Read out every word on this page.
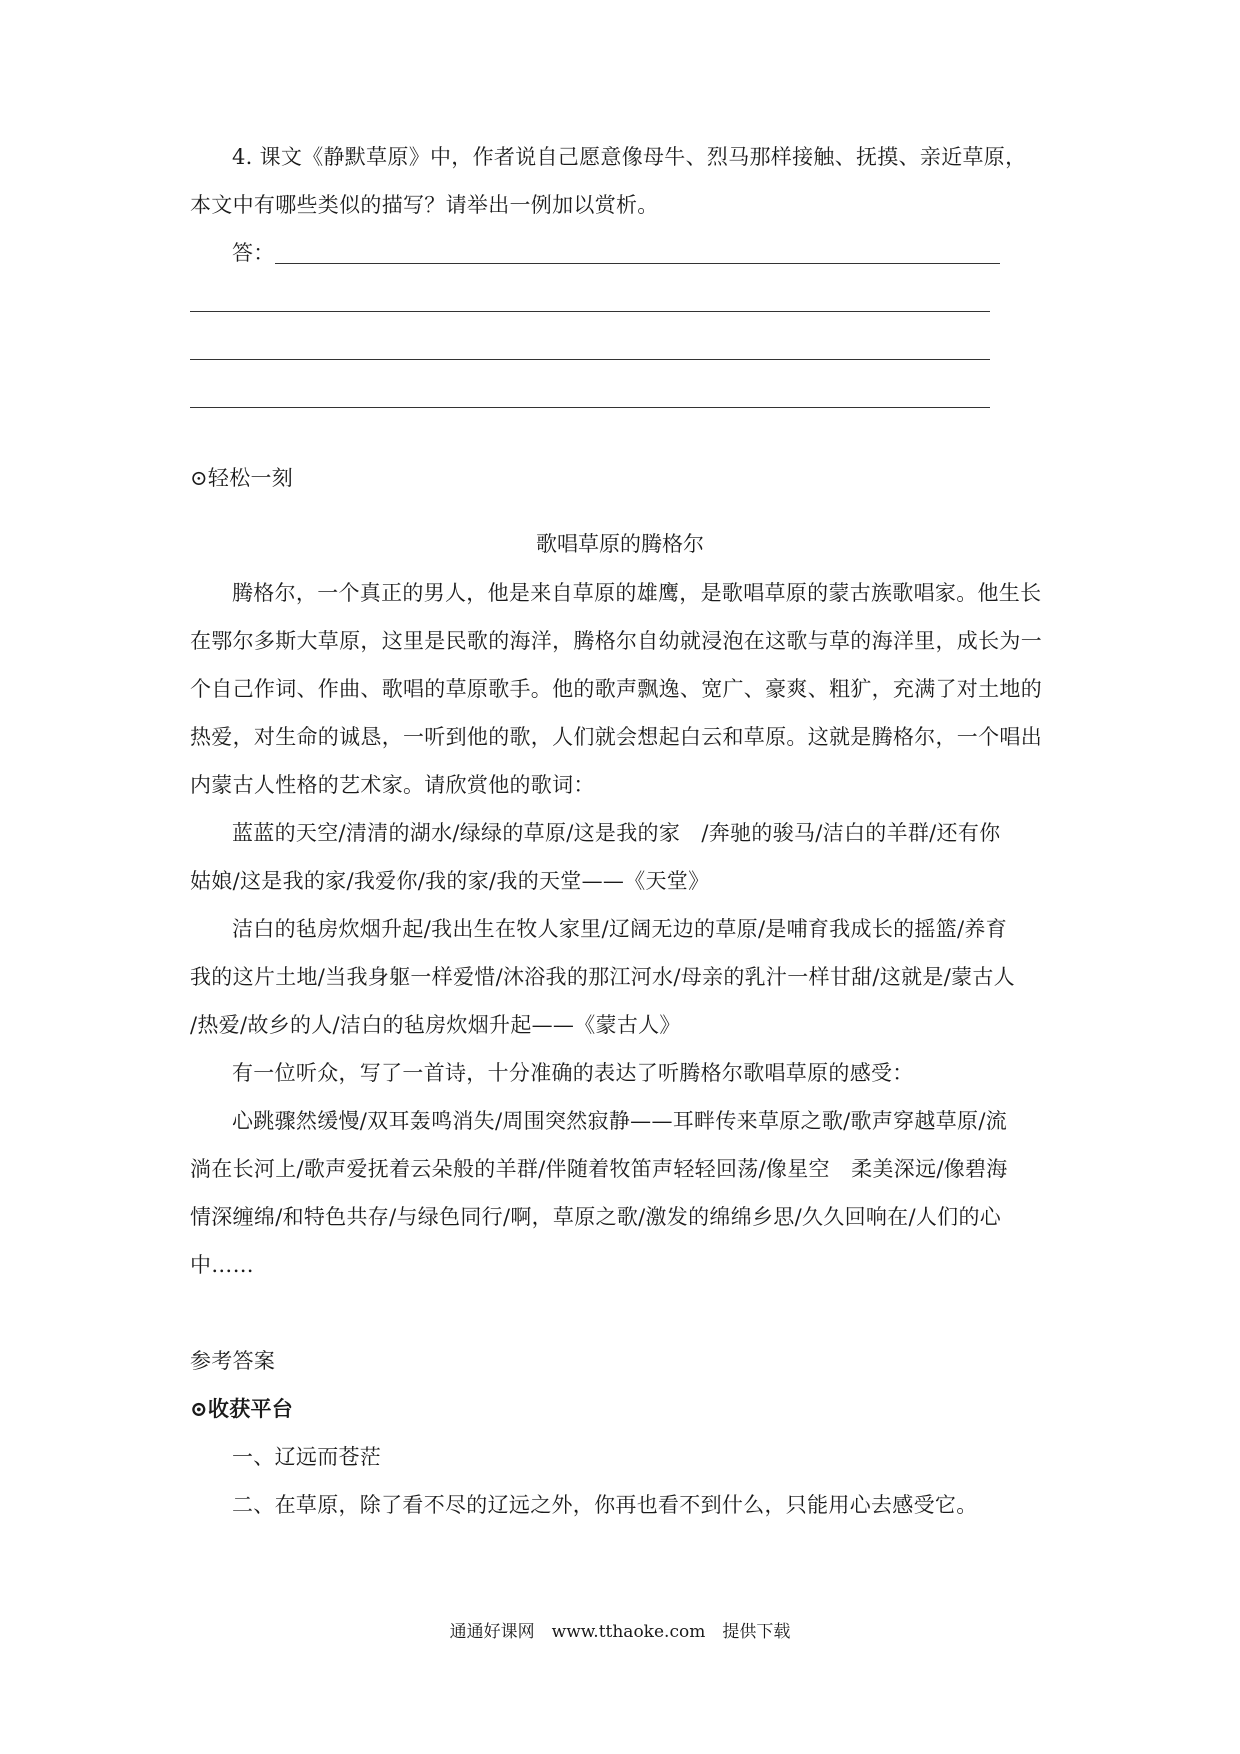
4. 课文《静默草原》中，作者说自己愿意像母牛、烈马那样接触、抚摸、亲近草原，
本文中有哪些类似的描写？请举出一例加以赏析。
答：
⊙轻松一刻
歌唱草原的腾格尔
腾格尔，一个真正的男人，他是来自草原的雄鹰，是歌唱草原的蒙古族歌唱家。他生长
在鄂尔多斯大草原，这里是民歌的海洋，腾格尔自幼就浸泡在这歌与草的海洋里，成长为一
个自己作词、作曲、歌唱的草原歌手。他的歌声飘逸、宽广、豪爽、粗犷，充满了对土地的
热爱，对生命的诚恳，一听到他的歌，人们就会想起白云和草原。这就是腾格尔，一个唱出
内蒙古人性格的艺术家。请欣赏他的歌词：
蓝蓝的天空/清清的湖水/绿绿的草原/这是我的家　/奔驰的骏马/洁白的羊群/还有你
姑娘/这是我的家/我爱你/我的家/我的天堂——《天堂》
洁白的毡房炊烟升起/我出生在牧人家里/辽阔无边的草原/是哺育我成长的摇篮/养育
我的这片土地/当我身躯一样爱惜/沐浴我的那江河水/母亲的乳汁一样甘甜/这就是/蒙古人
/热爱/故乡的人/洁白的毡房炊烟升起——《蒙古人》
有一位听众，写了一首诗，十分准确的表达了听腾格尔歌唱草原的感受：
心跳骤然缓慢/双耳轰鸣消失/周围突然寂静——耳畔传来草原之歌/歌声穿越草原/流
淌在长河上/歌声爱抚着云朵般的羊群/伴随着牧笛声轻轻回荡/像星空　柔美深远/像碧海
情深缠绵/和特色共存/与绿色同行/啊，草原之歌/激发的绵绵乡思/久久回响在/人们的心
中……
参考答案
⊙收获平台
一、辽远而苍茫
二、在草原，除了看不尽的辽远之外，你再也看不到什么，只能用心去感受它。
通通好课网　www.tthaoke.com　提供下载
